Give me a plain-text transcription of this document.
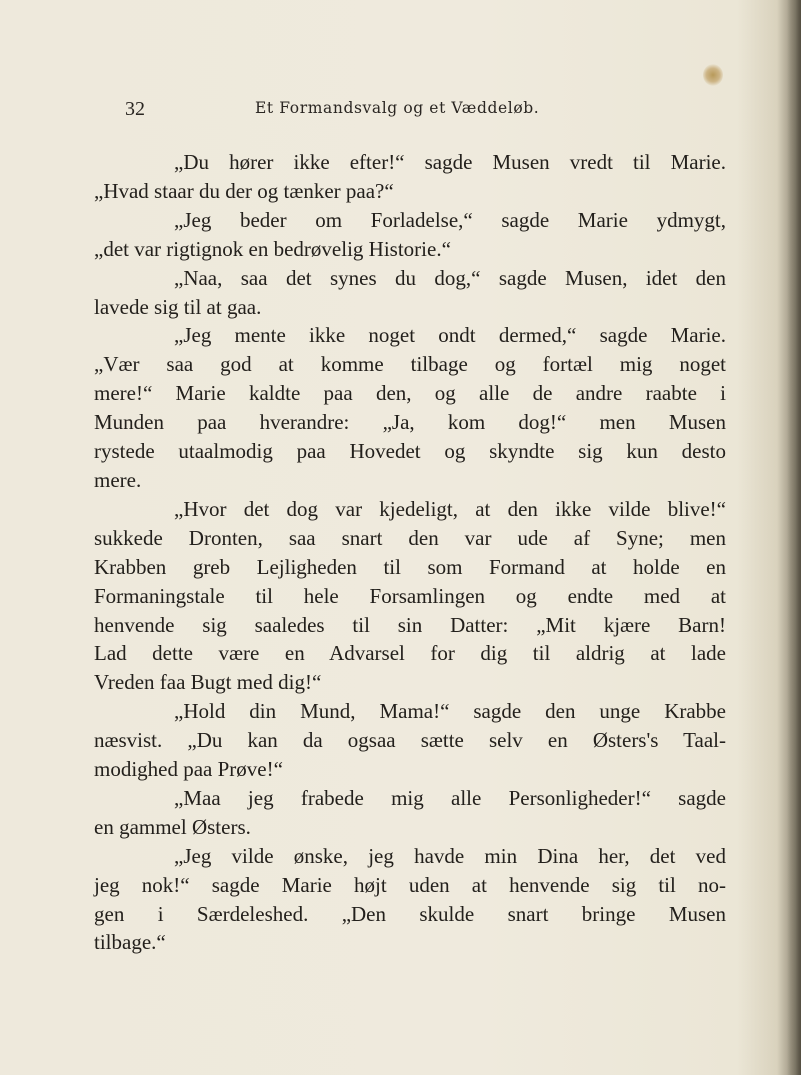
32	Et Formandsvalg og et Væddeløb.

„Du hører ikke efter!“ sagde Musen vredt til Marie.
„Hvad staar du der og tænker paa?“

„Jeg beder om Forladelse,“ sagde Marie ydmygt,
„det var rigtignok en bedrøvelig Historie.“

„Naa, saa det synes du dog,“ sagde Musen, idet den
lavede sig til at gaa.

„Jeg mente ikke noget ondt dermed,“ sagde Marie.
„Vær saa god at komme tilbage og fortæl mig noget
mere!“ Marie kaldte paa den, og alle de andre raabte i
Munden paa hverandre: „Ja, kom dog!“ men Musen
rystede utaalmodig paa Hovedet og skyndte sig kun desto
mere.

„Hvor det dog var kjedeligt, at den ikke vilde blive!“
sukkede Dronten, saa snart den var ude af Syne; men
Krabben greb Lejligheden til som Formand at holde en
Formaningstale til hele Forsamlingen og endte med at
henvende sig saaledes til sin Datter: „Mit kjære Barn!
Lad dette være en Advarsel for dig til aldrig at lade
Vreden faa Bugt med dig!“

„Hold din Mund, Mama!“ sagde den unge Krabbe
næsvist. „Du kan da ogsaa sætte selv en Østers's Taal-
modighed paa Prøve!“

„Maa jeg frabede mig alle Personligheder!“ sagde
en gammel Østers.

„Jeg vilde ønske, jeg havde min Dina her, det ved
jeg nok!“ sagde Marie højt uden at henvende sig til no-
gen i Særdeleshed. „Den skulde snart bringe Musen
tilbage.“
